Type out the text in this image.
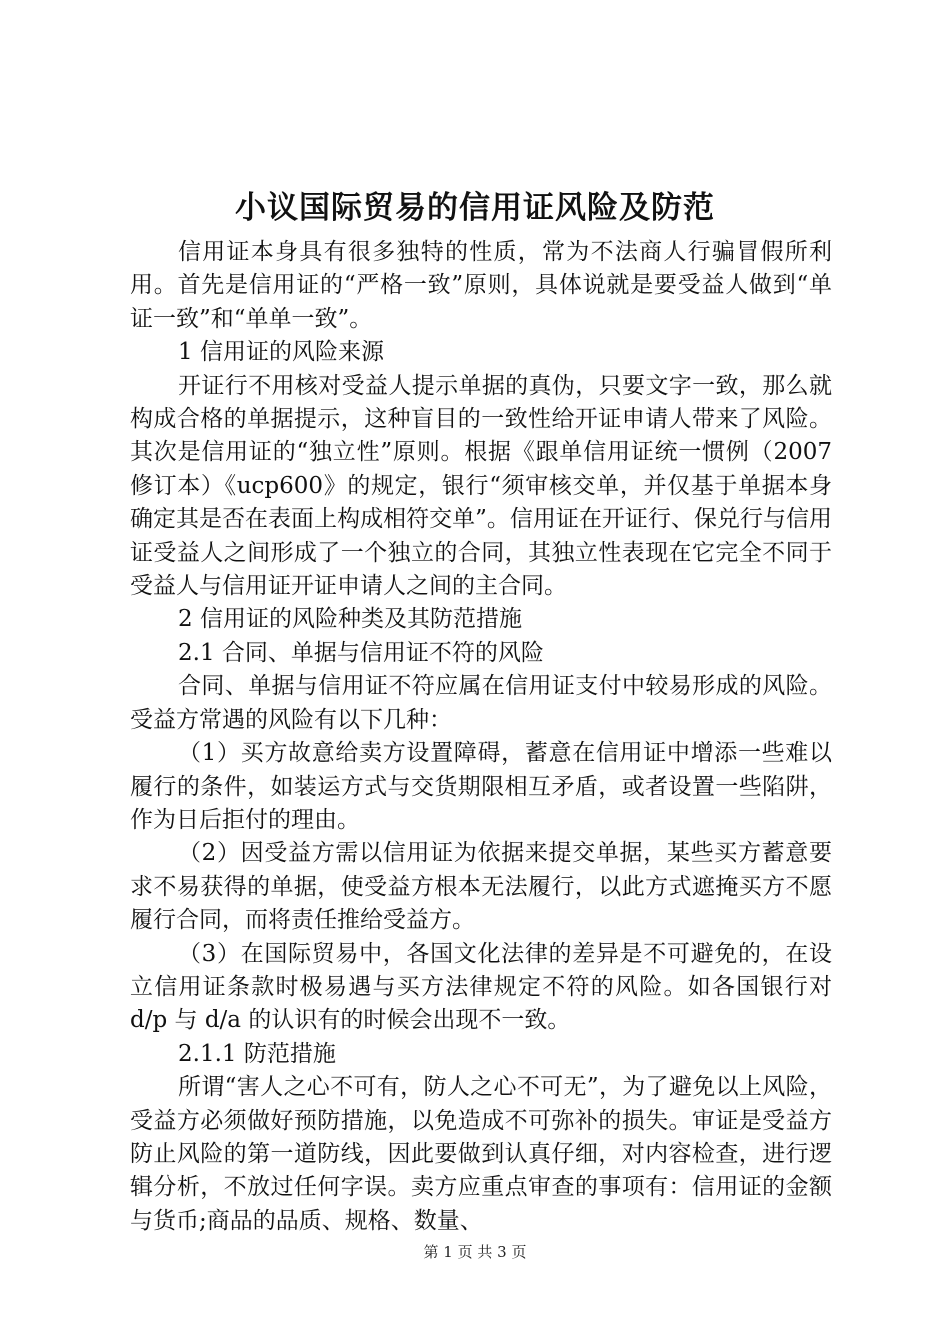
小议国际贸易的信用证风险及防范

信用证本身具有很多独特的性质，常为不法商人行骗冒假所利用。首先是信用证的“严格一致”原则，具体说就是要受益人做到“单证一致”和“单单一致”。

1 信用证的风险来源

开证行不用核对受益人提示单据的真伪，只要文字一致，那么就构成合格的单据提示，这种盲目的一致性给开证申请人带来了风险。其次是信用证的“独立性”原则。根据《跟单信用证统一惯例（2007修订本）《ucp600》的规定，银行“须审核交单，并仅基于单据本身确定其是否在表面上构成相符交单”。信用证在开证行、保兑行与信用证受益人之间形成了一个独立的合同，其独立性表现在它完全不同于受益人与信用证开证申请人之间的主合同。

2 信用证的风险种类及其防范措施

2.1 合同、单据与信用证不符的风险

合同、单据与信用证不符应属在信用证支付中较易形成的风险。受益方常遇的风险有以下几种：

（1）买方故意给卖方设置障碍，蓄意在信用证中增添一些难以履行的条件，如装运方式与交货期限相互矛盾，或者设置一些陷阱，作为日后拒付的理由。

（2）因受益方需以信用证为依据来提交单据，某些买方蓄意要求不易获得的单据，使受益方根本无法履行，以此方式遮掩买方不愿履行合同，而将责任推给受益方。

（3）在国际贸易中，各国文化法律的差异是不可避免的，在设立信用证条款时极易遇与买方法律规定不符的风险。如各国银行对 d/p 与 d/a 的认识有的时候会出现不一致。

2.1.1 防范措施

所谓“害人之心不可有，防人之心不可无”，为了避免以上风险，受益方必须做好预防措施，以免造成不可弥补的损失。审证是受益方防止风险的第一道防线，因此要做到认真仔细，对内容检查，进行逻辑分析，不放过任何字误。卖方应重点审查的事项有：信用证的金额与货币;商品的品质、规格、数量、

第 1 页 共 3 页
